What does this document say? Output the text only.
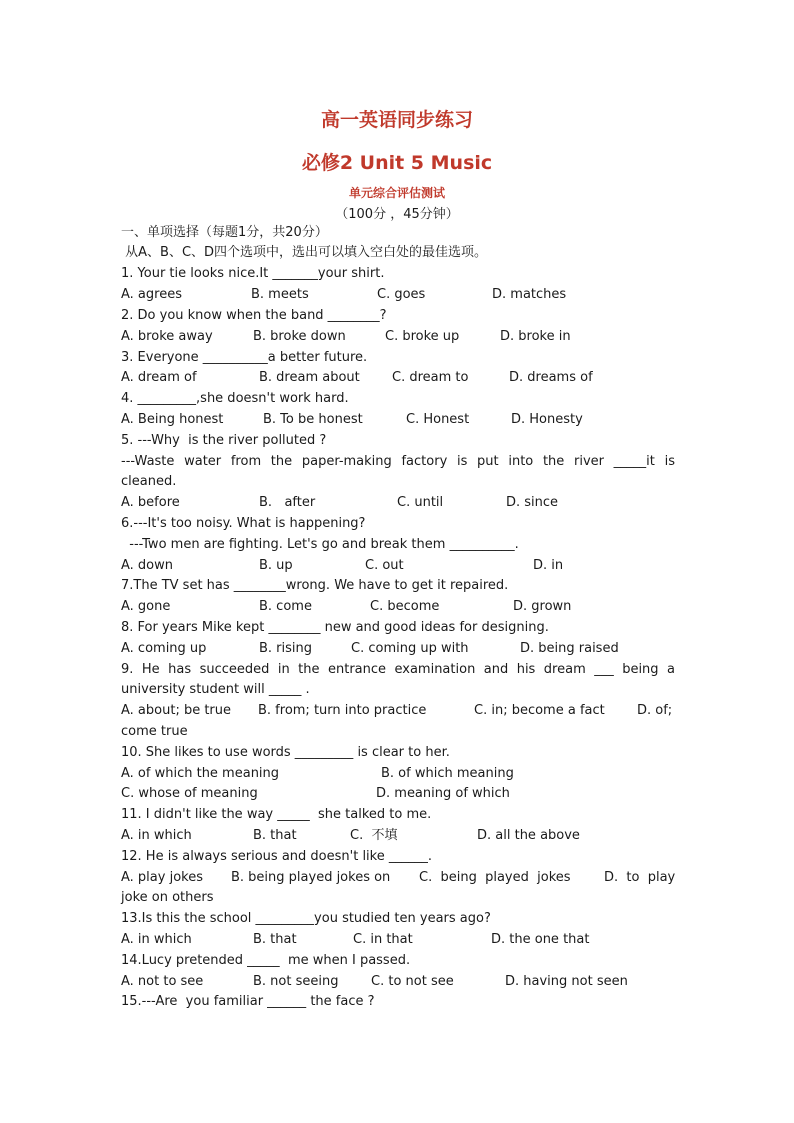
高一英语同步练习
必修2 Unit 5 Music
单元综合评估测试
（100分 ，45分钟）
一、单项选择（每题1分，共20分）
从A、B、C、D四个选项中，选出可以填入空白处的最佳选项。
1. Your tie looks nice.It _______your shirt.
A. agrees	B. meets	C. goes	D. matches
2. Do you know when the band ________?
A. broke away	B. broke down	C. broke up	D. broke in
3. Everyone __________a better future.
A. dream of	B. dream about C. dream to	D. dreams of
4. _________,she doesn't work hard.
A. Being honest	B. To be honest	C. Honest	D. Honesty
5. ---Why  is the river polluted ?
---Waste water from the paper-making factory is put into the river _____it is
cleaned.
A. before	B.   after	C. until	D. since
6.---It's too noisy. What is happening?
---Two men are fighting. Let's go and break them __________.
A. down	B. up	C. out	D. in
7.The TV set has ________wrong. We have to get it repaired.
A. gone	B. come	C. become	D. grown
8. For years Mike kept ________ new and good ideas for designing.
A. coming up	B. rising	C. coming up with	D. being raised
9. He has succeeded in the entrance examination and his dream ___ being a
university student will _____ .
A. about; be true B. from; turn into practice	C. in; become a fact D. of;
come true
10. She likes to use words _________ is clear to her.
A. of which the meaning	B. of which meaning
C. whose of meaning	D. meaning of which
11. I didn't like the way _____  she talked to me.
A. in which	B. that	C.  不填	D. all the above
12. He is always serious and doesn't like ______.
A. play jokes B. being played jokes on C.  being  played  jokes	D.  to  play
joke on others
13.Is this the school _________you studied ten years ago?
A. in which	B. that	C. in that	D. the one that
14.Lucy pretended _____  me when I passed.
A. not to see	B. not seeing	C. to not see	D. having not seen
15.---Are  you familiar ______ the face ?
